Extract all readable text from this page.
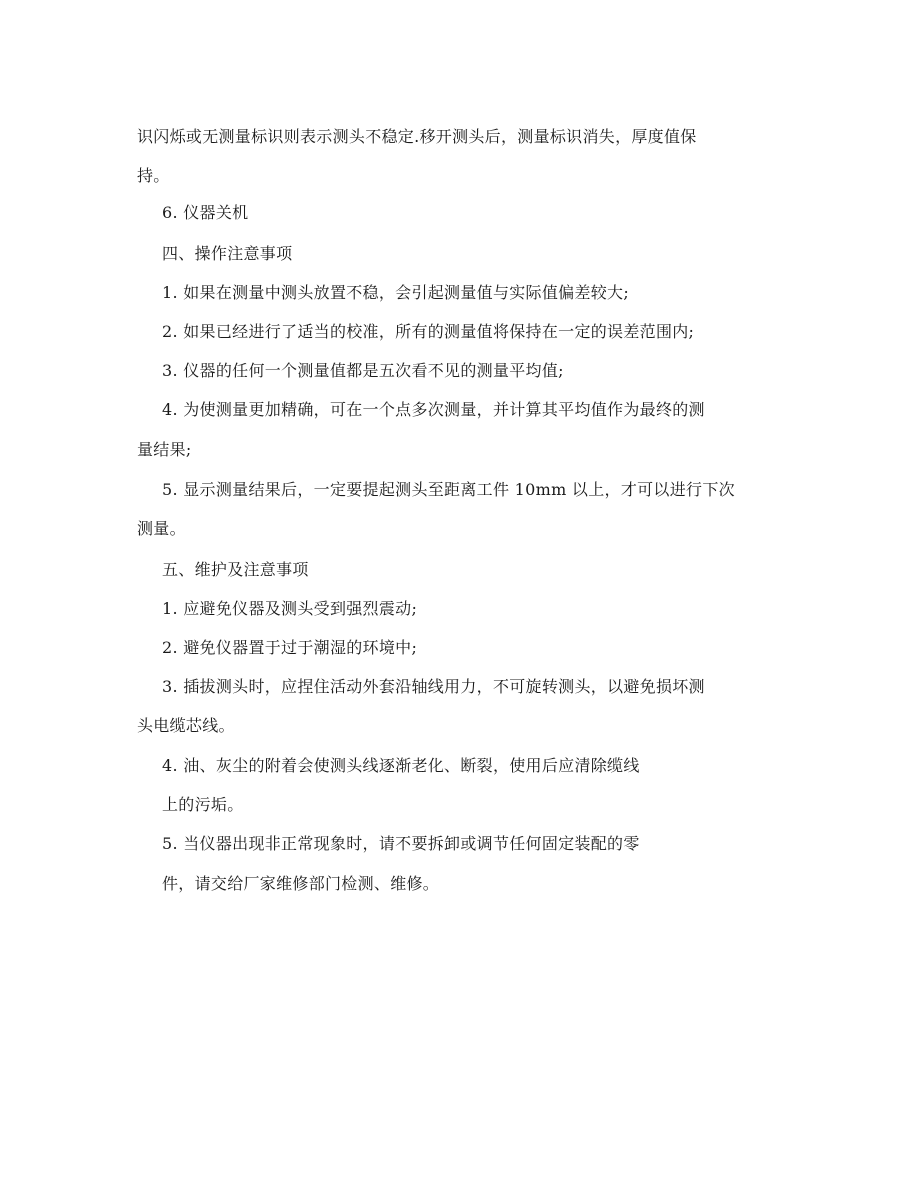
识闪烁或无测量标识则表示测头不稳定.移开测头后，测量标识消失，厚度值保
持。
6. 仪器关机
四、操作注意事项
1. 如果在测量中测头放置不稳，会引起测量值与实际值偏差较大;
2. 如果已经进行了适当的校准，所有的测量值将保持在一定的误差范围内;
3. 仪器的任何一个测量值都是五次看不见的测量平均值;
4. 为使测量更加精确，可在一个点多次测量，并计算其平均值作为最终的测
量结果;
5. 显示测量结果后，一定要提起测头至距离工件 10mm 以上，才可以进行下次
测量。
五、维护及注意事项
1. 应避免仪器及测头受到强烈震动;
2. 避免仪器置于过于潮湿的环境中;
3. 插拔测头时，应捏住活动外套沿轴线用力，不可旋转测头，以避免损坏测
头电缆芯线。
4. 油、灰尘的附着会使测头线逐渐老化、断裂，使用后应清除缆线
上的污垢。
5. 当仪器出现非正常现象时，请不要拆卸或调节任何固定装配的零
件，请交给厂家维修部门检测、维修。
